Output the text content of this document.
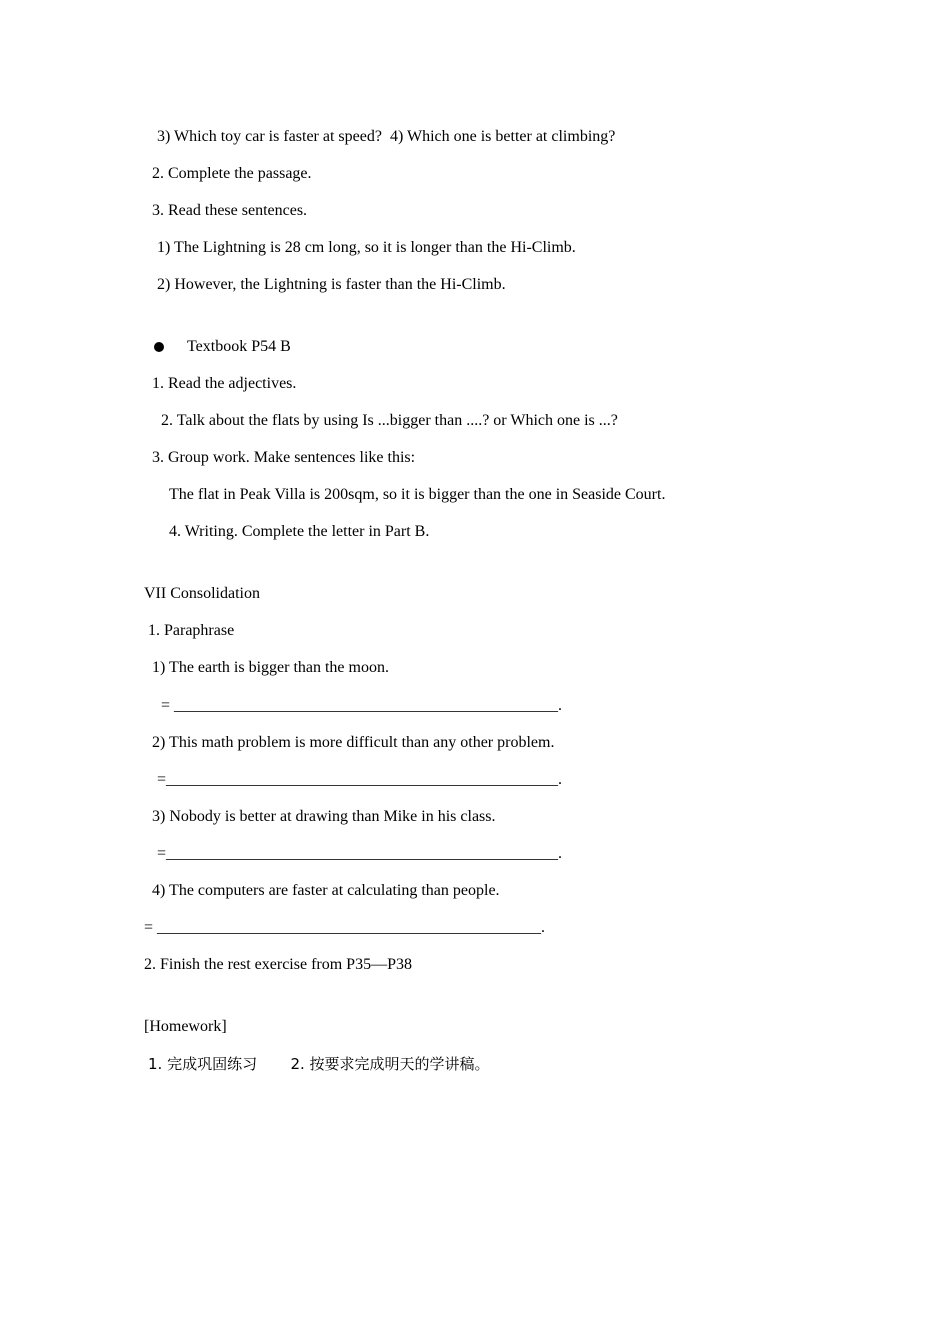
3) Which toy car is faster at speed?  4) Which one is better at climbing?
2. Complete the passage.
3. Read these sentences.
1) The Lightning is 28 cm long, so it is longer than the Hi-Climb.
2) However, the Lightning is faster than the Hi-Climb.
Textbook P54 B
1. Read the adjectives.
2. Talk about the flats by using Is ...bigger than ....? or Which one is ...?
3. Group work. Make sentences like this:
The flat in Peak Villa is 200sqm, so it is bigger than the one in Seaside Court.
4. Writing. Complete the letter in Part B.
VII Consolidation
1. Paraphrase
1) The earth is bigger than the moon.
= ________________________________________________.
2) This math problem is more difficult than any other problem.
=_________________________________________________.
3) Nobody is better at drawing than Mike in his class.
=_________________________________________________.
4) The computers are faster at calculating than people.
= ________________________________________________.
2. Finish the rest exercise from P35—P38
[Homework]
1. 完成巩固练习       2. 按要求完成明天的学讲稿。
